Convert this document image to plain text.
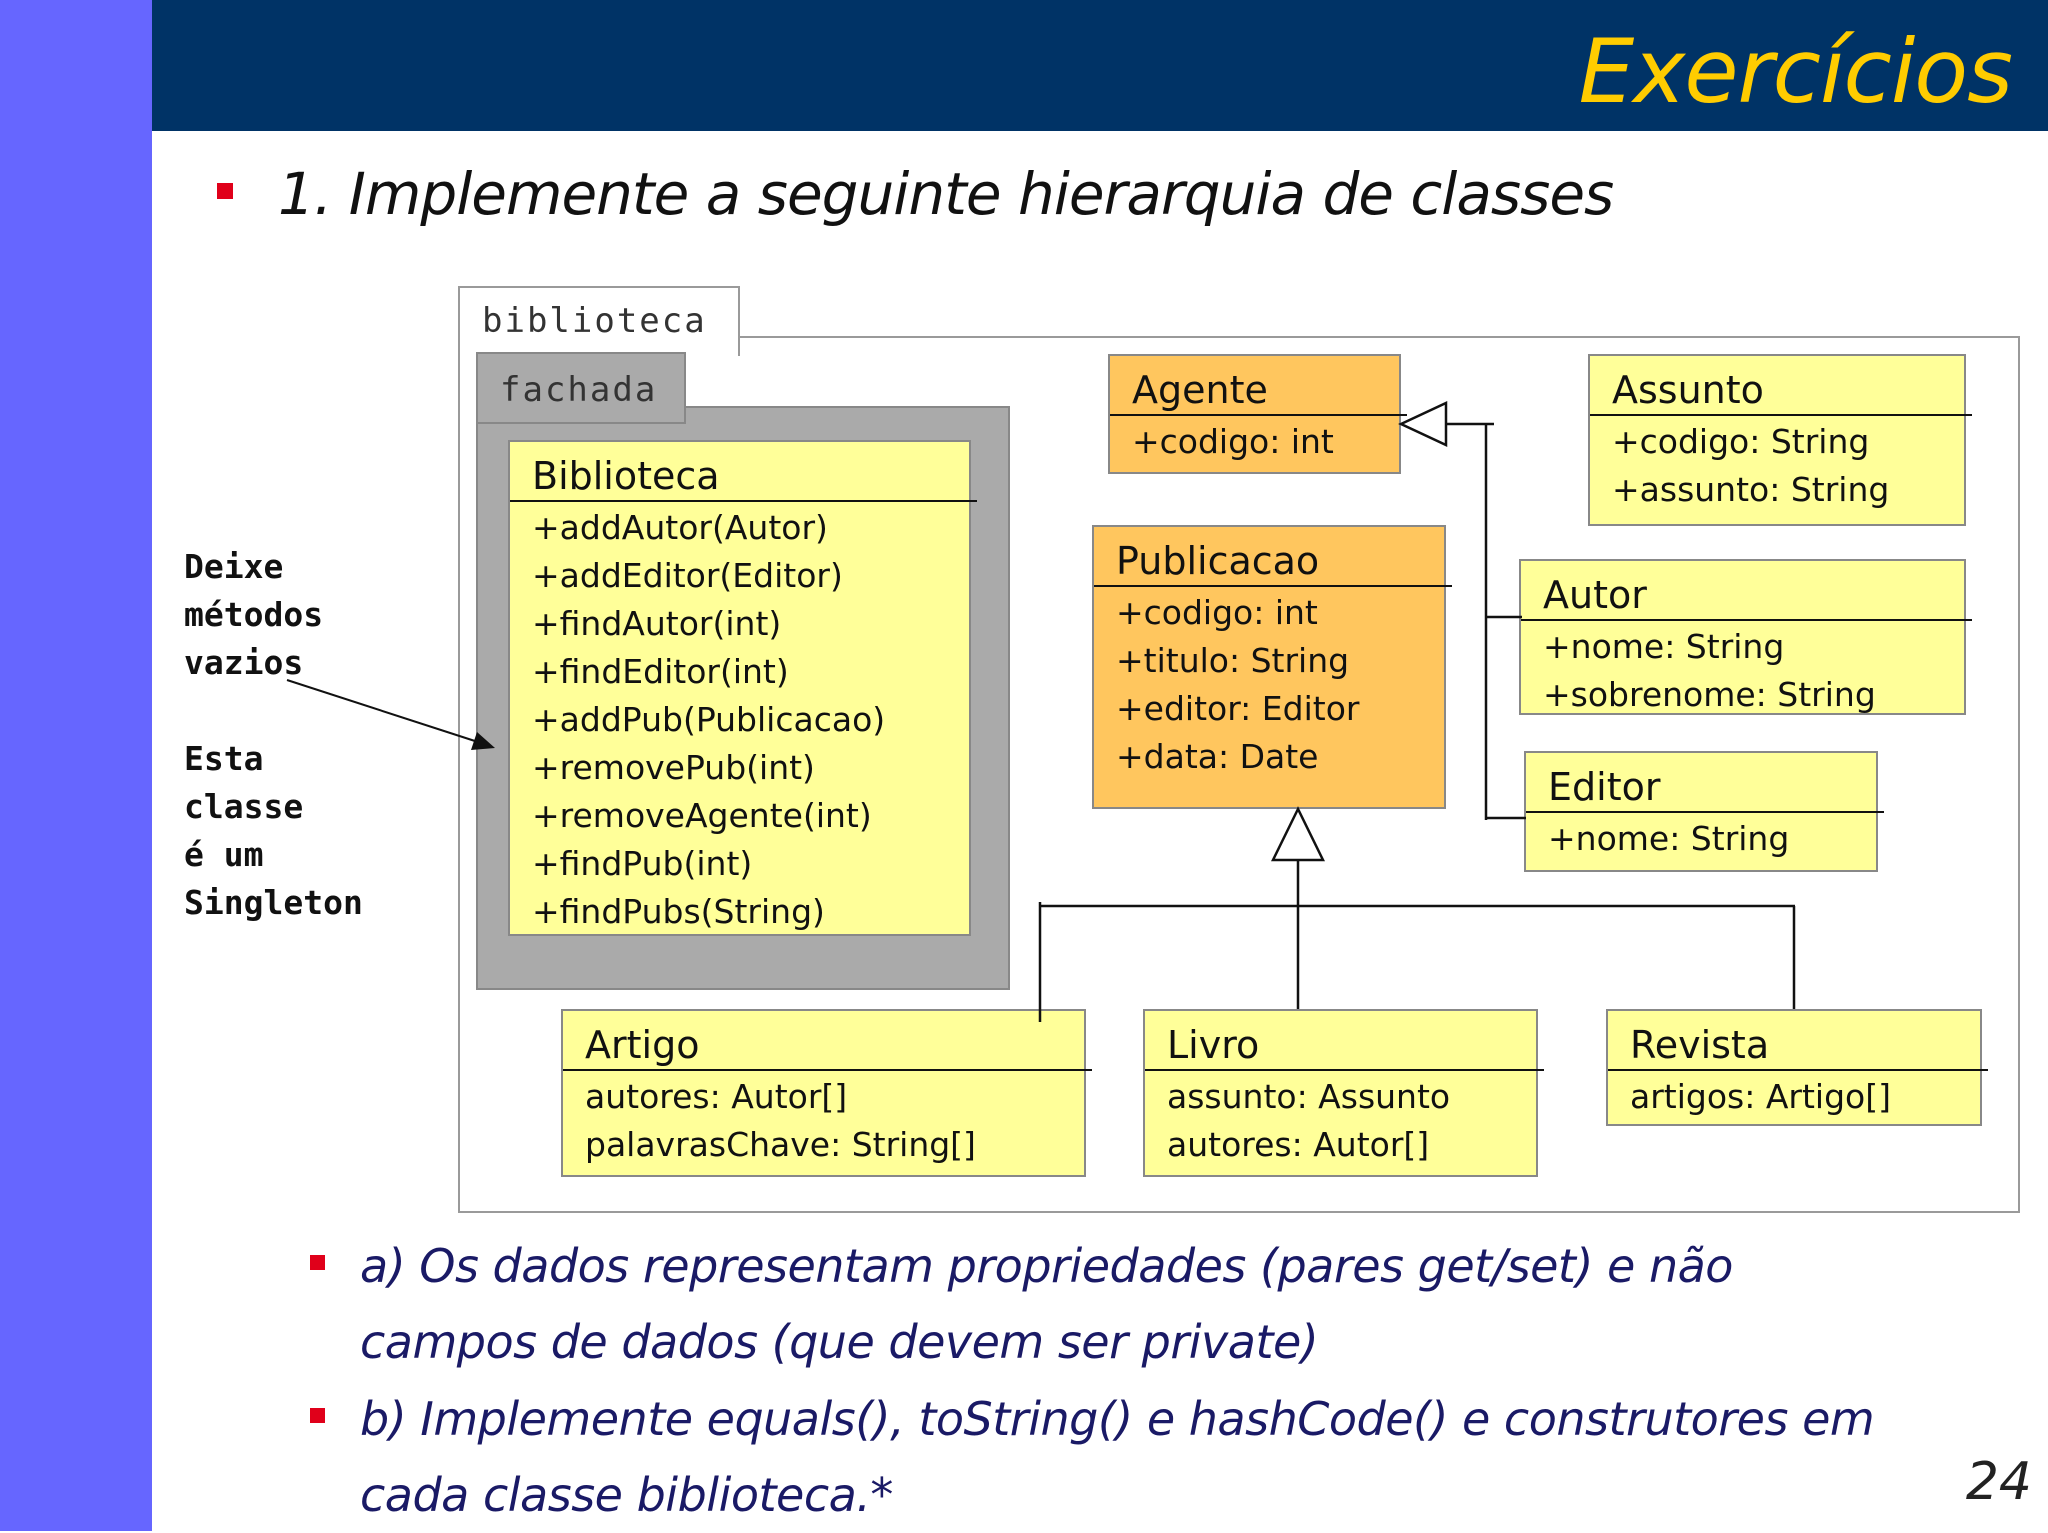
Exercícios
1. Implemente a seguinte hierarquia de classes
biblioteca
fachada
Biblioteca
+addAutor(Autor)
+addEditor(Editor)
+findAutor(int)
+findEditor(int)
+addPub(Publicacao)
+removePub(int)
+removeAgente(int)
+findPub(int)
+findPubs(String)
Agente
+codigo: int
Assunto
+codigo: String
+assunto: String
Publicacao
+codigo: int
+titulo: String
+editor: Editor
+data: Date
Autor
+nome: String
+sobrenome: String
Editor
+nome: String
Artigo
autores: Autor[]
palavrasChave: String[]
Livro
assunto: Assunto
autores: Autor[]
Revista
artigos: Artigo[]
Deixe
métodos
vazios
Esta
classe
é um
Singleton
a) Os dados representam propriedades (pares get/set) e não
campos de dados (que devem ser private)
b) Implemente equals(), toString() e hashCode() e construtores em
cada classe biblioteca.*	24
